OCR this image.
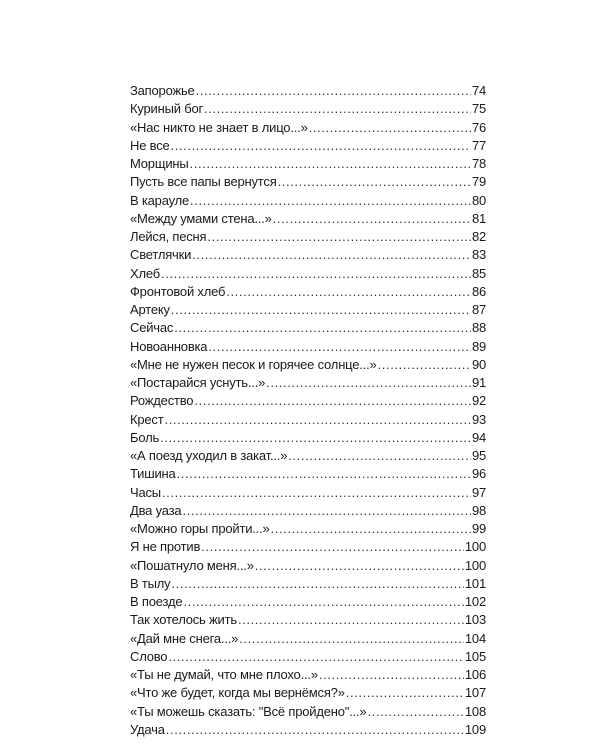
Запорожье .....	74
Куриный бог .....	75
«Нас никто не знает в лицо...» .....	76
Не все .....	77
Морщины .....	78
Пусть все папы вернутся .....	79
В карауле .....	80
«Между умами стена...» .....	81
Лейся, песня .....	82
Светлячки .....	83
Хлеб .....	85
Фронтовой хлеб .....	86
Артеку .....	87
Сейчас .....	88
Новоанновка .....	89
«Мне не нужен песок и горячее солнце...» .....	90
«Постарайся уснуть...» .....	91
Рождество .....	92
Крест .....	93
Боль .....	94
«А поезд уходил в закат...» .....	95
Тишина .....	96
Часы .....	97
Два уаза .....	98
«Можно горы пройти...» .....	99
Я не против .....	100
«Пошатнуло меня...» .....	100
В тылу .....	101
В поезде .....	102
Так хотелось жить .....	103
«Дай мне снега...» .....	104
Слово .....	105
«Ты не думай, что мне плохо...» .....	106
«Что же будет, когда мы вернёмся?» .....	107
«Ты можешь сказать: "Всё пройдено"...» .....	108
Удача .....	109
